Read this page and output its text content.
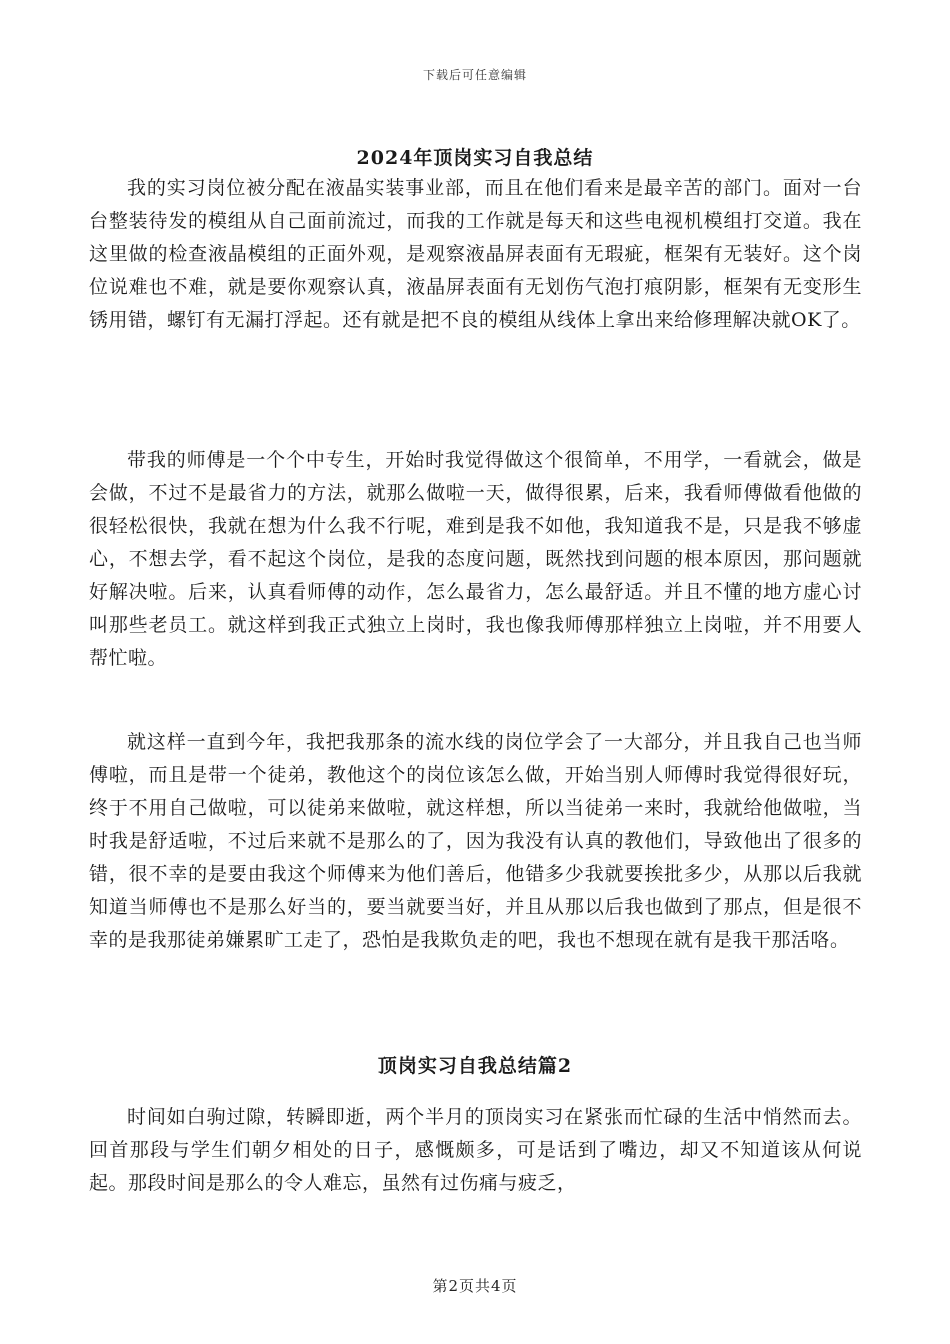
下载后可任意编辑
2024年顶岗实习自我总结

我的实习岗位被分配在液晶实装事业部，而且在他们看来是最辛苦的部门。面对一台台整装待发的模组从自己面前流过，而我的工作就是每天和这些电视机模组打交道。我在这里做的检查液晶模组的正面外观，是观察液晶屏表面有无瑕疵，框架有无装好。这个岗位说难也不难，就是要你观察认真，液晶屏表面有无划伤气泡打痕阴影，框架有无变形生锈用错，螺钉有无漏打浮起。还有就是把不良的模组从线体上拿出来给修理解决就OK了。

带我的师傅是一个个中专生，开始时我觉得做这个很简单，不用学，一看就会，做是会做，不过不是最省力的方法，就那么做啦一天，做得很累，后来，我看师傅做看他做的很轻松很快，我就在想为什么我不行呢，难到是我不如他，我知道我不是，只是我不够虚心，不想去学，看不起这个岗位，是我的态度问题，既然找到问题的根本原因，那问题就好解决啦。后来，认真看师傅的动作，怎么最省力，怎么最舒适。并且不懂的地方虚心讨叫那些老员工。就这样到我正式独立上岗时，我也像我师傅那样独立上岗啦，并不用要人帮忙啦。

就这样一直到今年，我把我那条的流水线的岗位学会了一大部分，并且我自己也当师傅啦，而且是带一个徒弟，教他这个的岗位该怎么做，开始当别人师傅时我觉得很好玩，终于不用自己做啦，可以徒弟来做啦，就这样想，所以当徒弟一来时，我就给他做啦，当时我是舒适啦，不过后来就不是那么的了，因为我没有认真的教他们，导致他出了很多的错，很不幸的是要由我这个师傅来为他们善后，他错多少我就要挨批多少，从那以后我就知道当师傅也不是那么好当的，要当就要当好，并且从那以后我也做到了那点，但是很不幸的是我那徒弟嫌累旷工走了，恐怕是我欺负走的吧，我也不想现在就有是我干那活咯。

顶岗实习自我总结篇2

时间如白驹过隙，转瞬即逝，两个半月的顶岗实习在紧张而忙碌的生活中悄然而去。回首那段与学生们朝夕相处的日子，感慨颇多，可是话到了嘴边，却又不知道该从何说起。那段时间是那么的令人难忘，虽然有过伤痛与疲乏，

第2页共4页
